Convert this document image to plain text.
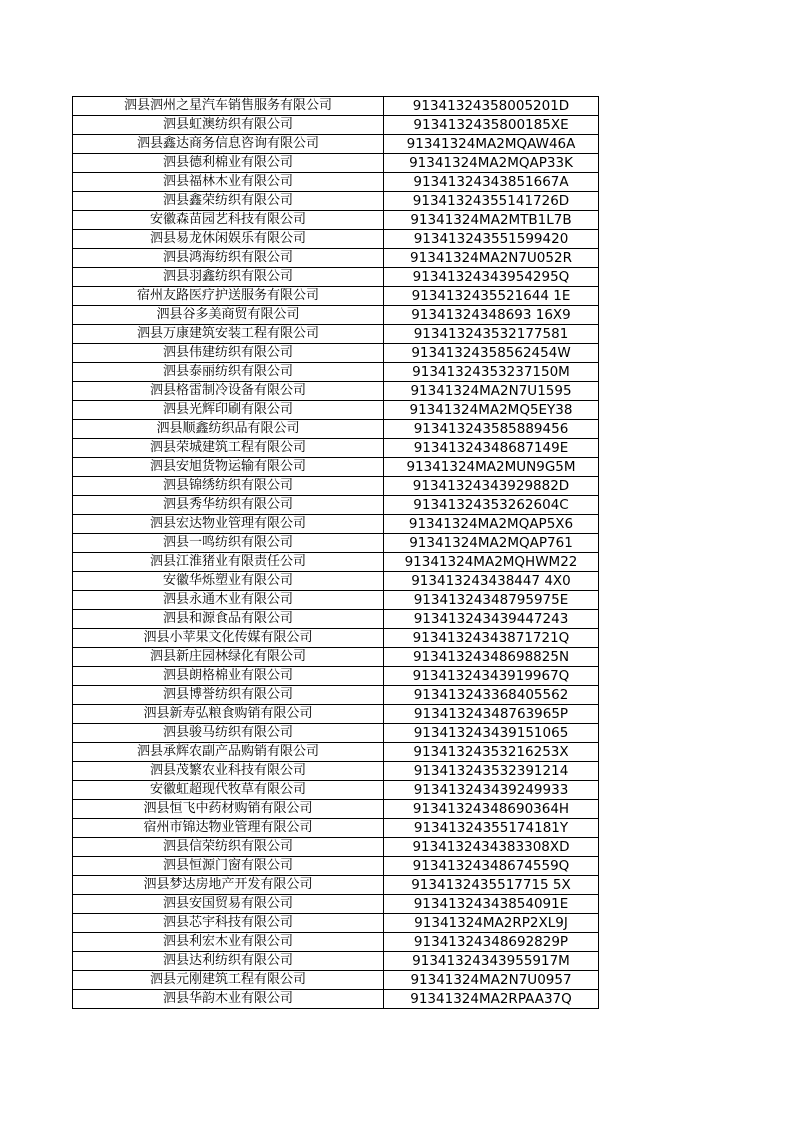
泗县泗州之星汽车销售服务有限公司	91341324358005201D
泗县虹澳纺织有限公司	9134132435800185XE
泗县鑫达商务信息咨询有限公司	91341324MA2MQAW46A
泗县德利棉业有限公司	91341324MA2MQAP33K
泗县福林木业有限公司	91341324343851667A
泗县鑫荣纺织有限公司	91341324355141726D
安徽森苗园艺科技有限公司	91341324MA2MTB1L7B
泗县易龙休闲娱乐有限公司	913413243551599420
泗县鸿海纺织有限公司	91341324MA2N7U052R
泗县羽鑫纺织有限公司	91341324343954295Q
宿州友路医疗护送服务有限公司	9134132435521644 1E
泗县谷多美商贸有限公司	91341324348693 16X9
泗县万康建筑安装工程有限公司	913413243532177581
泗县伟建纺织有限公司	91341324358562454W
泗县泰丽纺织有限公司	91341324353237150M
泗县格雷制冷设备有限公司	91341324MA2N7U1595
泗县光辉印刷有限公司	91341324MA2MQ5EY38
泗县顺鑫纺织品有限公司	913413243585889456
泗县荣城建筑工程有限公司	91341324348687149E
泗县安旭货物运输有限公司	91341324MA2MUN9G5M
泗县锦绣纺织有限公司	91341324343929882D
泗县秀华纺织有限公司	91341324353262604C
泗县宏达物业管理有限公司	91341324MA2MQAP5X6
泗县一鸣纺织有限公司	91341324MA2MQAP761
泗县江淮猪业有限责任公司	91341324MA2MQHWM22
安徽华烁塑业有限公司	913413243438447 4X0
泗县永通木业有限公司	91341324348795975E
泗县和源食品有限公司	913413243439447243
泗县小苹果文化传媒有限公司	91341324343871721Q
泗县新庄园林绿化有限公司	91341324348698825N
泗县朗格棉业有限公司	91341324343919967Q
泗县博誉纺织有限公司	913413243368405562
泗县新寿弘粮食购销有限公司	91341324348763965P
泗县骏马纺织有限公司	913413243439151065
泗县承辉农副产品购销有限公司	91341324353216253X
泗县茂繁农业科技有限公司	913413243532391214
安徽虹超现代牧草有限公司	913413243439249933
泗县恒飞中药材购销有限公司	91341324348690364H
宿州市锦达物业管理有限公司	91341324355174181Y
泗县信荣纺织有限公司	9134132434383308XD
泗县恒源门窗有限公司	91341324348674559Q
泗县梦达房地产开发有限公司	9134132435517715 5X
泗县安国贸易有限公司	91341324343854091E
泗县芯宇科技有限公司	91341324MA2RP2XL9J
泗县利宏木业有限公司	91341324348692829P
泗县达利纺织有限公司	91341324343955917M
泗县元刚建筑工程有限公司	91341324MA2N7U0957
泗县华韵木业有限公司	91341324MA2RPAA37Q
